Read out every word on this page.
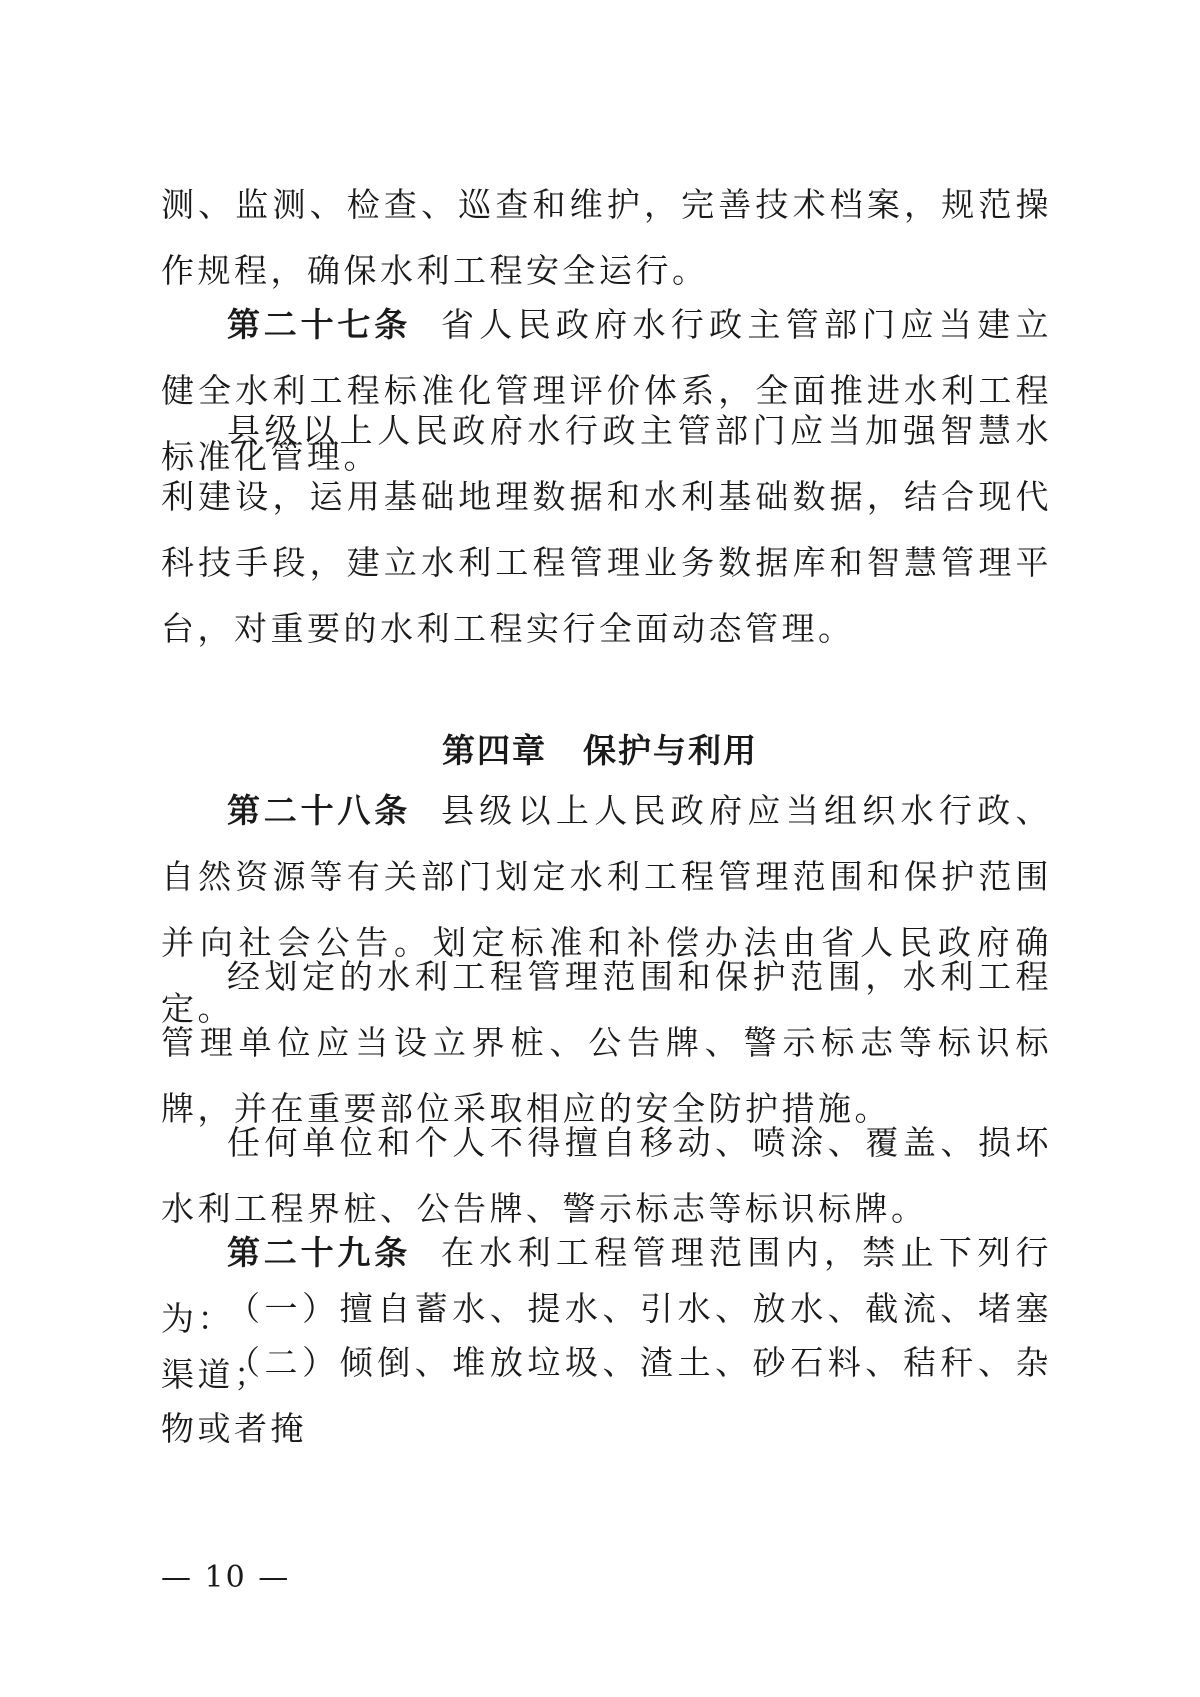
测、监测、检查、巡查和维护，完善技术档案，规范操作规程，确保水利工程安全运行。

第二十七条 省人民政府水行政主管部门应当建立健全水利工程标准化管理评价体系，全面推进水利工程标准化管理。

县级以上人民政府水行政主管部门应当加强智慧水利建设，运用基础地理数据和水利基础数据，结合现代科技手段，建立水利工程管理业务数据库和智慧管理平台，对重要的水利工程实行全面动态管理。

第四章 保护与利用

第二十八条 县级以上人民政府应当组织水行政、自然资源等有关部门划定水利工程管理范围和保护范围并向社会公告。划定标准和补偿办法由省人民政府确定。

经划定的水利工程管理范围和保护范围，水利工程管理单位应当设立界桩、公告牌、警示标志等标识标牌，并在重要部位采取相应的安全防护措施。

任何单位和个人不得擅自移动、喷涂、覆盖、损坏水利工程界桩、公告牌、警示标志等标识标牌。

第二十九条 在水利工程管理范围内，禁止下列行为：

（一）擅自蓄水、提水、引水、放水、截流、堵塞渠道；

（二）倾倒、堆放垃圾、渣土、砂石料、秸秆、杂物或者掩

— 10 —
